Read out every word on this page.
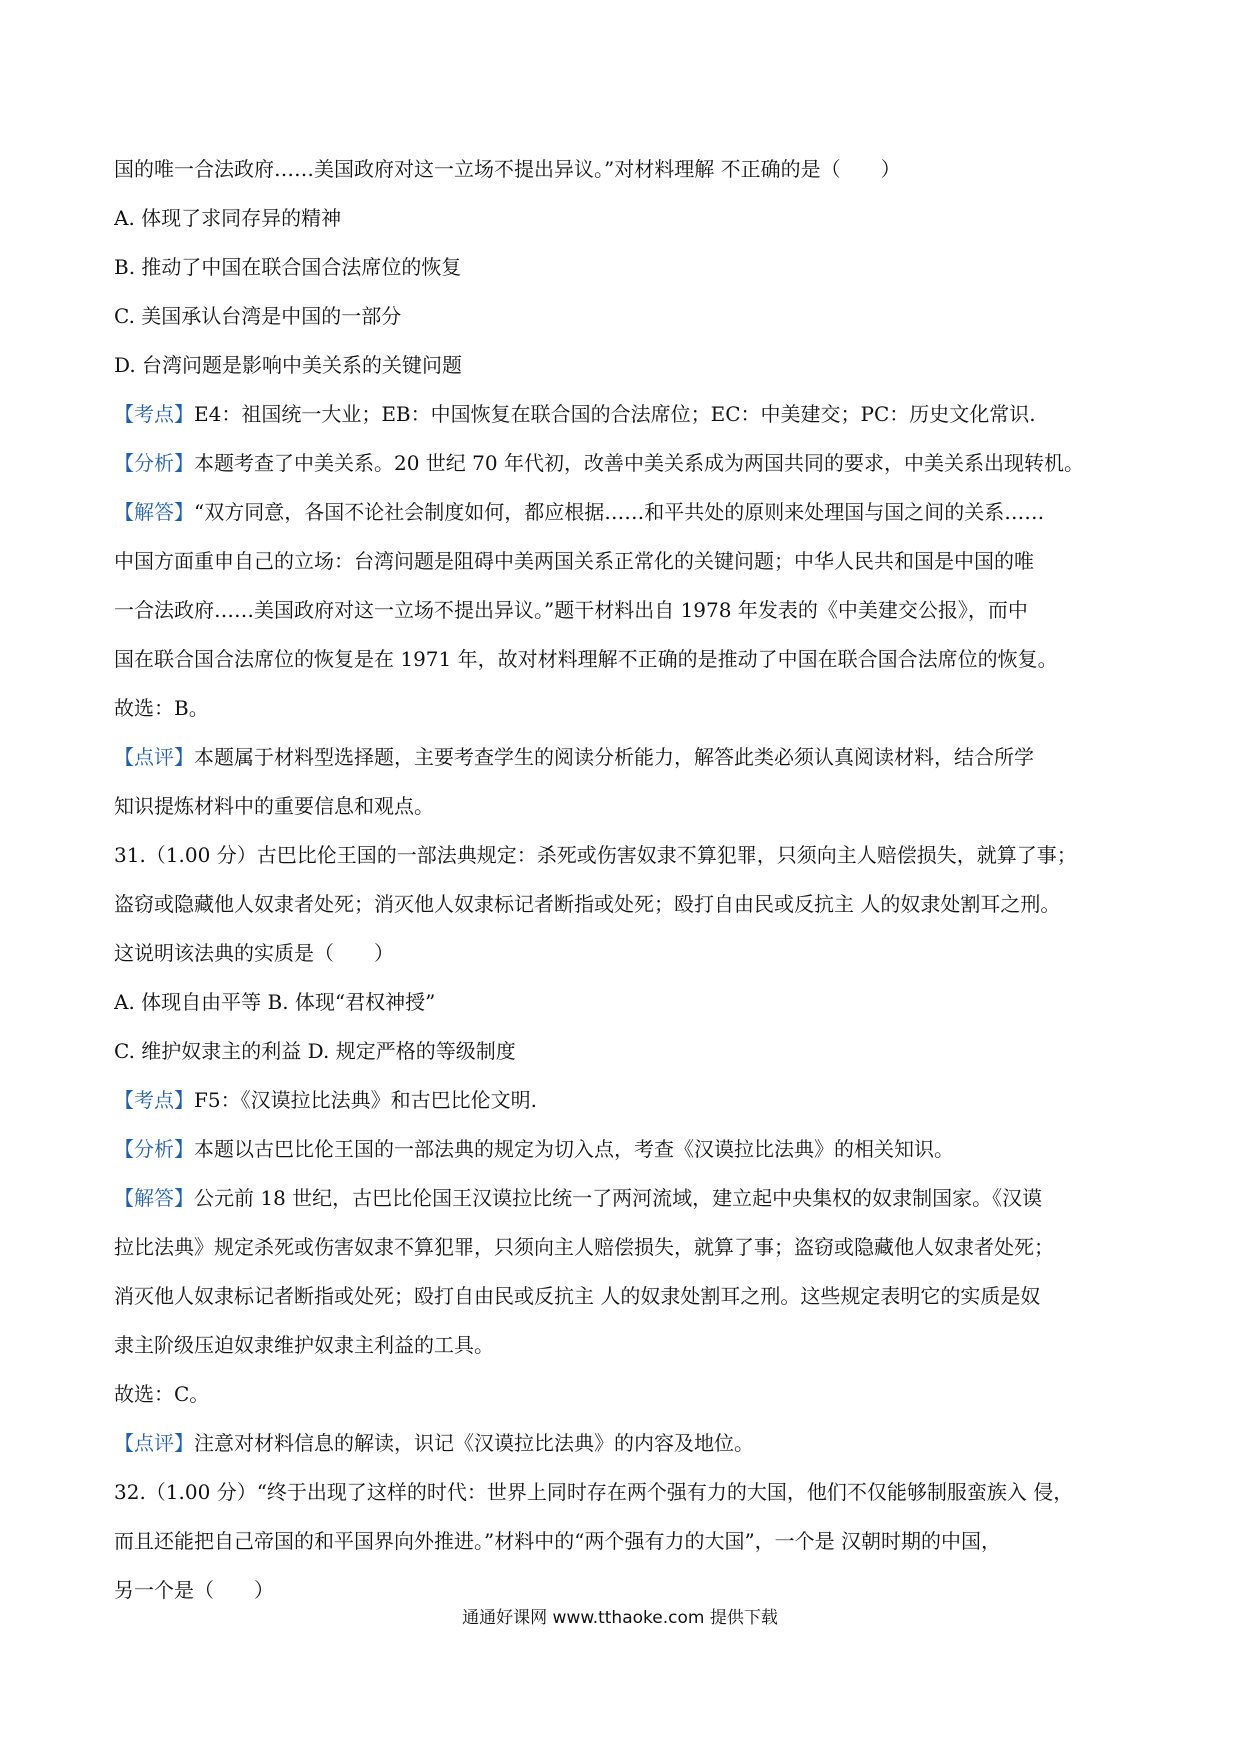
国的唯一合法政府……美国政府对这一立场不提出异议。”对材料理解 不正确的是（　　）

A. 体现了求同存异的精神

B. 推动了中国在联合国合法席位的恢复

C. 美国承认台湾是中国的一部分

D. 台湾问题是影响中美关系的关键问题

【考点】E4：祖国统一大业；EB：中国恢复在联合国的合法席位；EC：中美建交；PC：历史文化常识.

【分析】本题考查了中美关系。20 世纪 70 年代初，改善中美关系成为两国共同的要求，中美关系出现转机。

【解答】“双方同意，各国不论社会制度如何，都应根据……和平共处的原则来处理国与国之间的关系……

中国方面重申自己的立场：台湾问题是阻碍中美两国关系正常化的关键问题；中华人民共和国是中国的唯

一合法政府……美国政府对这一立场不提出异议。”题干材料出自 1978 年发表的《中美建交公报》，而中

国在联合国合法席位的恢复是在 1971 年，故对材料理解不正确的是推动了中国在联合国合法席位的恢复。

故选：B。

【点评】本题属于材料型选择题，主要考查学生的阅读分析能力，解答此类必须认真阅读材料，结合所学

知识提炼材料中的重要信息和观点。

31.（1.00 分）古巴比伦王国的一部法典规定：杀死或伤害奴隶不算犯罪，只须向主人赔偿损失，就算了事；

盗窃或隐藏他人奴隶者处死；消灭他人奴隶标记者断指或处死；殴打自由民或反抗主 人的奴隶处割耳之刑。

这说明该法典的实质是（　　）

A. 体现自由平等 B. 体现“君权神授”

C. 维护奴隶主的利益 D. 规定严格的等级制度

【考点】F5：《汉谟拉比法典》和古巴比伦文明.

【分析】本题以古巴比伦王国的一部法典的规定为切入点，考查《汉谟拉比法典》的相关知识。

【解答】公元前 18 世纪，古巴比伦国王汉谟拉比统一了两河流域，建立起中央集权的奴隶制国家。《汉谟

拉比法典》规定杀死或伤害奴隶不算犯罪，只须向主人赔偿损失，就算了事；盗窃或隐藏他人奴隶者处死；

消灭他人奴隶标记者断指或处死；殴打自由民或反抗主 人的奴隶处割耳之刑。这些规定表明它的实质是奴

隶主阶级压迫奴隶维护奴隶主利益的工具。

故选：C。

【点评】注意对材料信息的解读，识记《汉谟拉比法典》的内容及地位。

32.（1.00 分）“终于出现了这样的时代：世界上同时存在两个强有力的大国，他们不仅能够制服蛮族入 侵，

而且还能把自己帝国的和平国界向外推进。”材料中的“两个强有力的大国”，一个是 汉朝时期的中国，

另一个是（　　）

通通好课网 www.tthaoke.com 提供下载
